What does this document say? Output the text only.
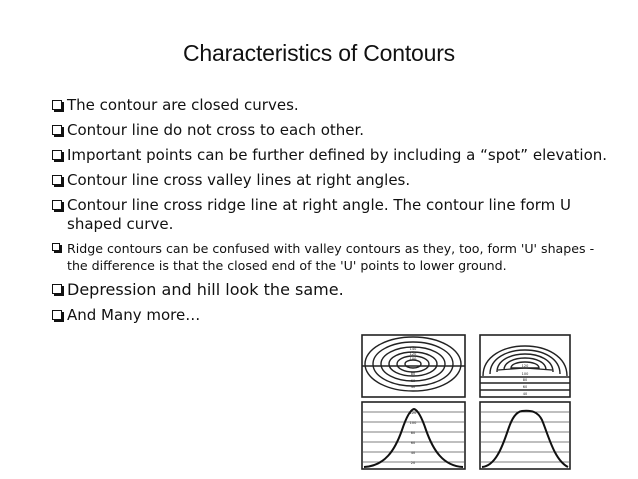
Characteristics of Contours
The contour are closed curves.
Contour line do not cross to each other.
Important points can be further defined by including a “spot” elevation.
Contour line cross valley lines at right angles.
Contour line cross ridge line at right angle. The contour line form U shaped curve.
Ridge contours can be confused with valley contours as they, too, form 'U' shapes - the difference is that the closed end of the 'U' points to lower ground.
Depression and hill look the same.
And Many more…
140
120
100
80
60
40
120
100
80
60
40
120
100
80
60
40
20
